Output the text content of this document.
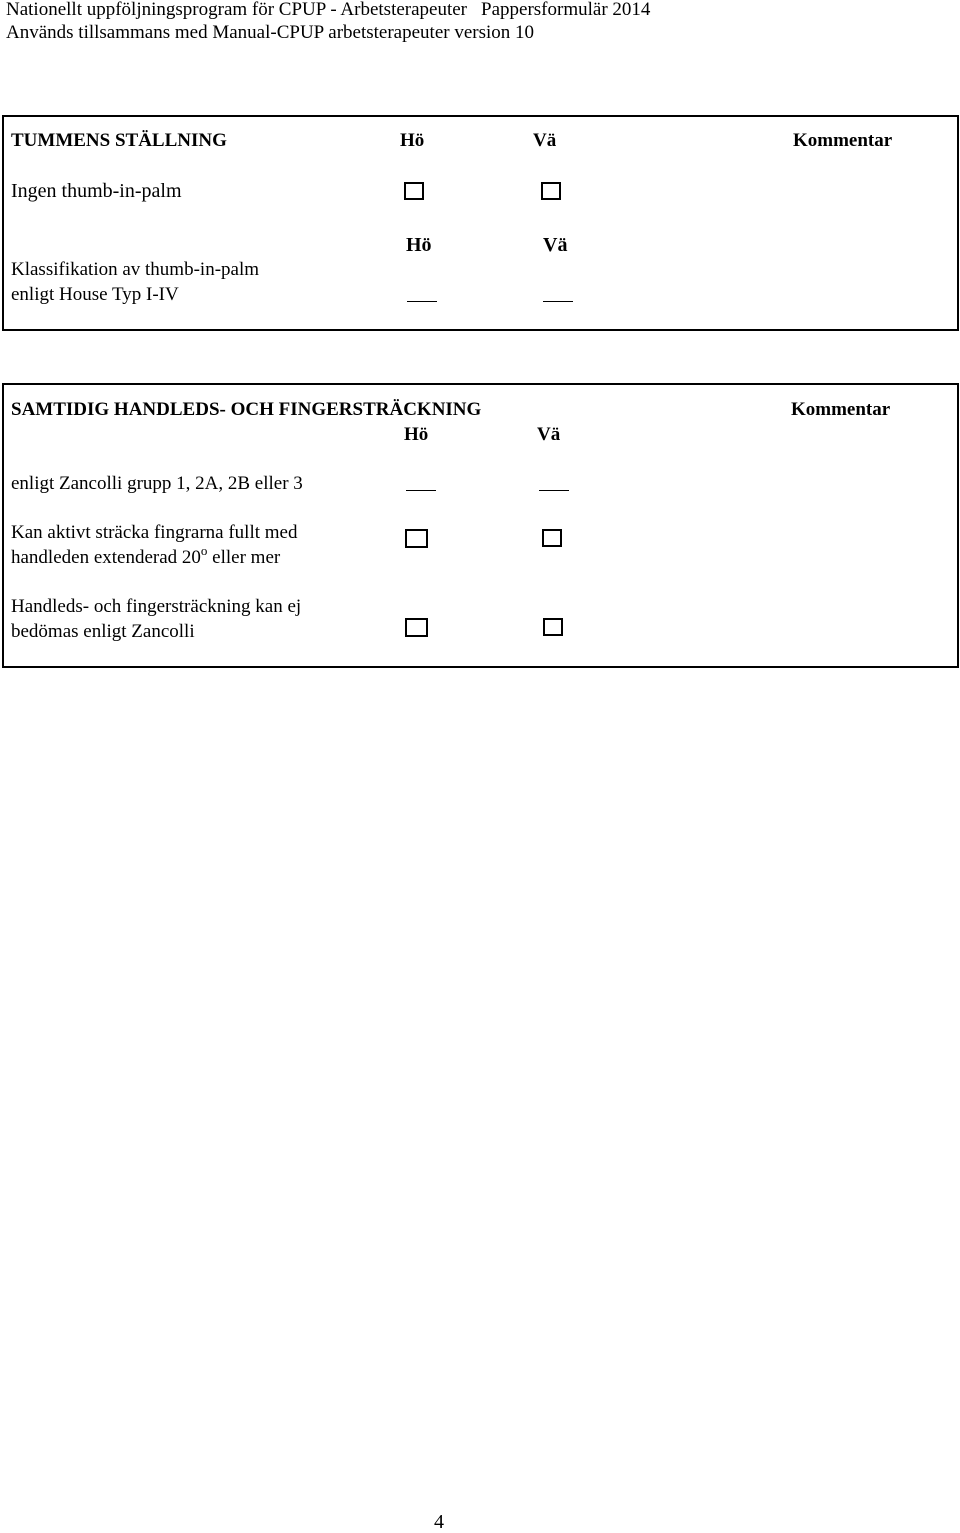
Nationellt uppföljningsprogram för CPUP - Arbetsterapeuter Pappersformulär 2014
Används tillsammans med Manual-CPUP arbetsterapeuter version 10
TUMMENS STÄLLNING	Hö	Vä	Kommentar
Ingen thumb-in-palm
Hö	Vä
Klassifikation av thumb-in-palm
enligt House Typ I-IV
SAMTIDIG HANDLEDS- OCH FINGERSTRÄCKNING	Kommentar
Hö	Vä
enligt Zancolli grupp 1, 2A, 2B eller 3
Kan aktivt sträcka fingrarna fullt med
handleden extenderad 20$^o$ eller mer
Handleds- och fingersträckning kan ej
bedömas enligt Zancolli
4
